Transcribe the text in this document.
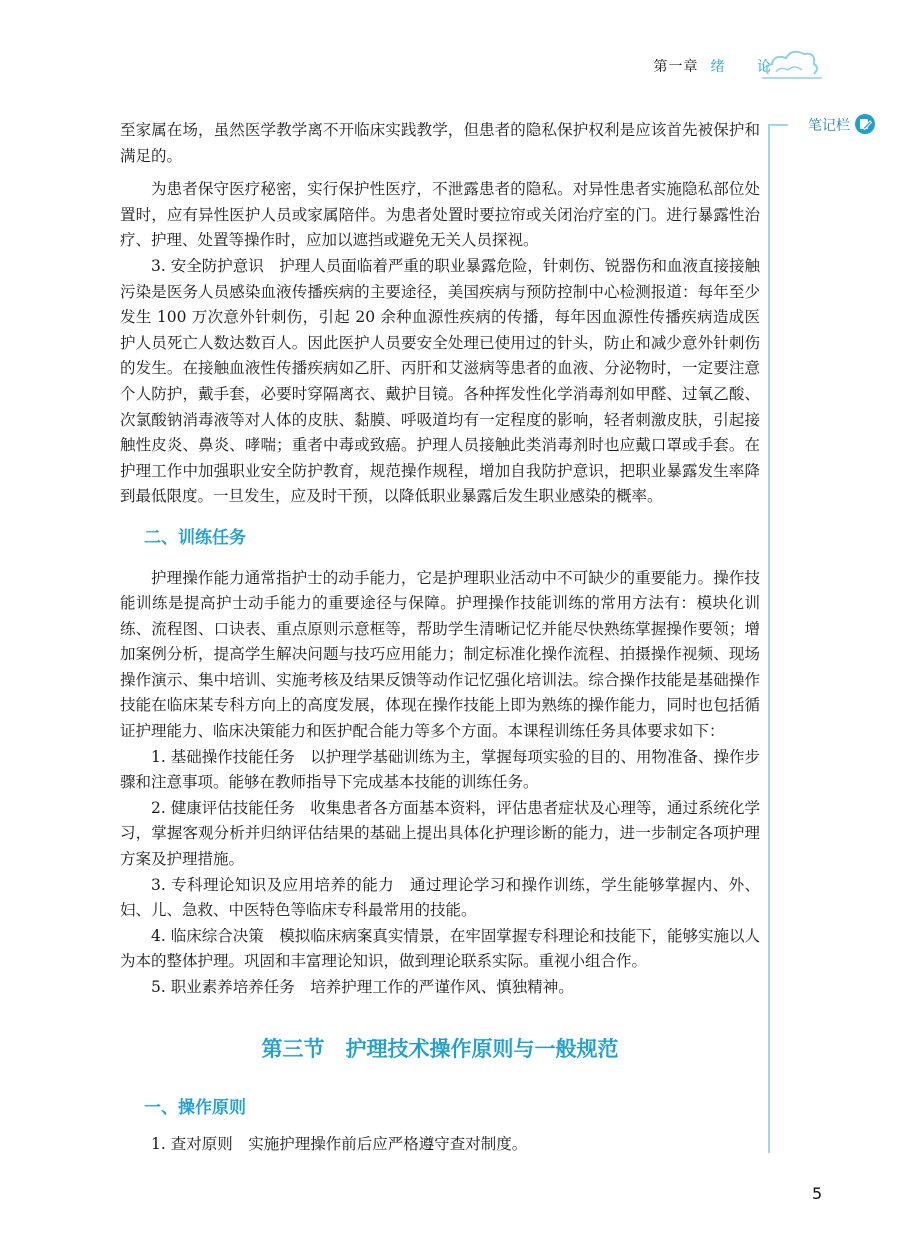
第一章 绪 论
笔记栏

至家属在场，虽然医学教学离不开临床实践教学，但患者的隐私保护权利是应该首先被保护和满足的。

为患者保守医疗秘密，实行保护性医疗，不泄露患者的隐私。对异性患者实施隐私部位处置时，应有异性医护人员或家属陪伴。为患者处置时要拉帘或关闭治疗室的门。进行暴露性治疗、护理、处置等操作时，应加以遮挡或避免无关人员探视。

3. 安全防护意识　护理人员面临着严重的职业暴露危险，针刺伤、锐器伤和血液直接接触污染是医务人员感染血液传播疾病的主要途径，美国疾病与预防控制中心检测报道：每年至少发生 100 万次意外针刺伤，引起 20 余种血源性疾病的传播，每年因血源性传播疾病造成医护人员死亡人数达数百人。因此医护人员要安全处理已使用过的针头，防止和减少意外针刺伤的发生。在接触血液性传播疾病如乙肝、丙肝和艾滋病等患者的血液、分泌物时，一定要注意个人防护，戴手套，必要时穿隔离衣、戴护目镜。各种挥发性化学消毒剂如甲醛、过氧乙酸、次氯酸钠消毒液等对人体的皮肤、黏膜、呼吸道均有一定程度的影响，轻者刺激皮肤，引起接触性皮炎、鼻炎、哮喘；重者中毒或致癌。护理人员接触此类消毒剂时也应戴口罩或手套。在护理工作中加强职业安全防护教育，规范操作规程，增加自我防护意识，把职业暴露发生率降到最低限度。一旦发生，应及时干预，以降低职业暴露后发生职业感染的概率。

二、训练任务

护理操作能力通常指护士的动手能力，它是护理职业活动中不可缺少的重要能力。操作技能训练是提高护士动手能力的重要途径与保障。护理操作技能训练的常用方法有：模块化训练、流程图、口诀表、重点原则示意框等，帮助学生清晰记忆并能尽快熟练掌握操作要领；增加案例分析，提高学生解决问题与技巧应用能力；制定标准化操作流程、拍摄操作视频、现场操作演示、集中培训、实施考核及结果反馈等动作记忆强化培训法。综合操作技能是基础操作技能在临床某专科方向上的高度发展，体现在操作技能上即为熟练的操作能力，同时也包括循证护理能力、临床决策能力和医护配合能力等多个方面。本课程训练任务具体要求如下：

1. 基础操作技能任务　以护理学基础训练为主，掌握每项实验的目的、用物准备、操作步骤和注意事项。能够在教师指导下完成基本技能的训练任务。

2. 健康评估技能任务　收集患者各方面基本资料，评估患者症状及心理等，通过系统化学习，掌握客观分析并归纳评估结果的基础上提出具体化护理诊断的能力，进一步制定各项护理方案及护理措施。

3. 专科理论知识及应用培养的能力　通过理论学习和操作训练，学生能够掌握内、外、妇、儿、急救、中医特色等临床专科最常用的技能。

4. 临床综合决策　模拟临床病案真实情景，在牢固掌握专科理论和技能下，能够实施以人为本的整体护理。巩固和丰富理论知识，做到理论联系实际。重视小组合作。

5. 职业素养培养任务　培养护理工作的严谨作风、慎独精神。

第三节　护理技术操作原则与一般规范
一、操作原则

1. 查对原则　实施护理操作前后应严格遵守查对制度。

5
